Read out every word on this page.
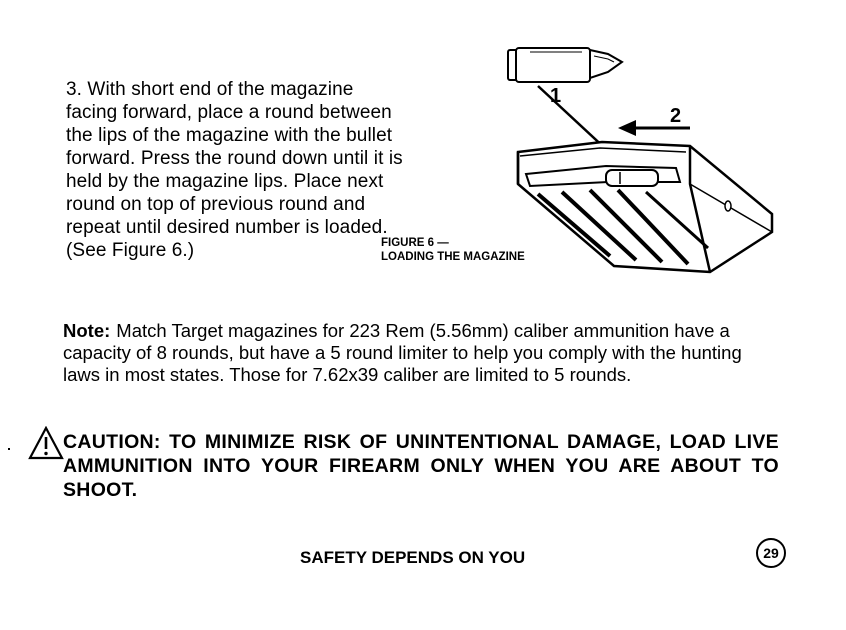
3. With short end of the magazine facing forward, place a round between the lips of the magazine with the bullet forward. Press the round down until it is held by the magazine lips. Place next round on top of previous round and repeat until desired number is loaded. (See Figure 6.)
1
2
FIGURE 6 —
LOADING THE MAGAZINE
Note: Match Target magazines for 223 Rem (5.56mm) caliber ammunition have a capacity of 8 rounds, but have a 5 round limiter to help you comply with the hunting laws in most states. Those for 7.62x39 caliber are limited to 5 rounds.
CAUTION: TO MINIMIZE RISK OF UNINTENTIONAL DAMAGE, LOAD LIVE AMMUNITION INTO YOUR FIREARM ONLY WHEN YOU ARE ABOUT TO SHOOT.
SAFETY DEPENDS ON YOU	29
